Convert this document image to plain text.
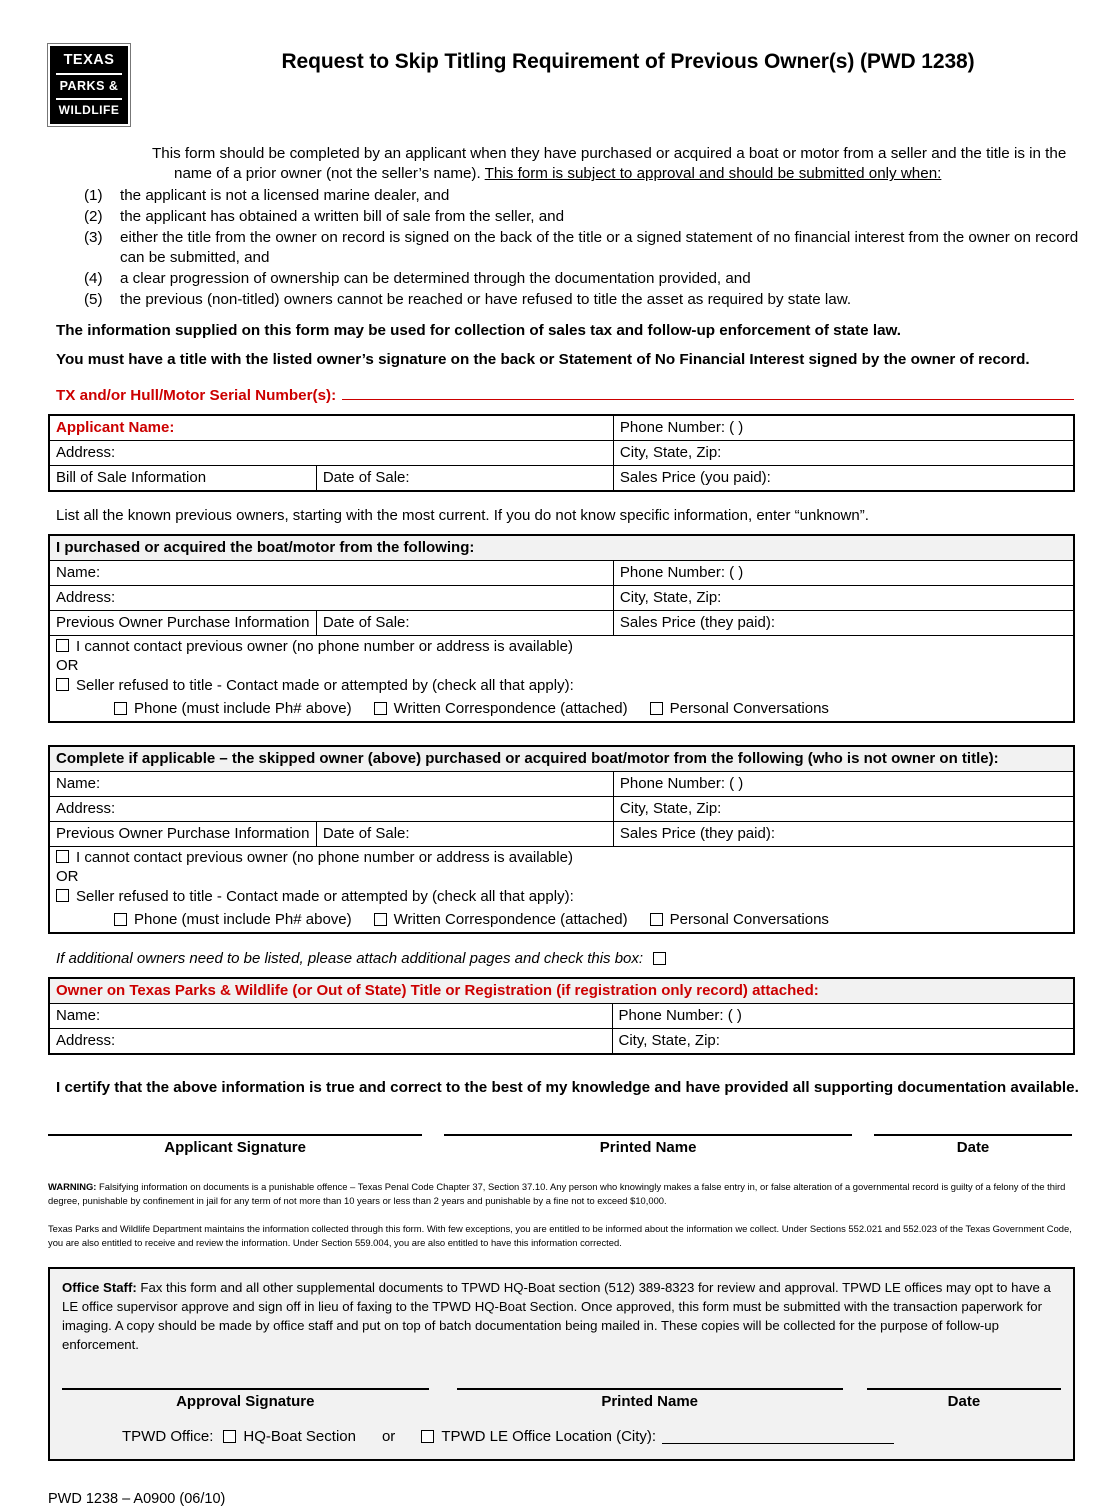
TEXAS
PARKS &
WILDLIFE
Request to Skip Titling Requirement of Previous Owner(s) (PWD 1238)
This form should be completed by an applicant when they have purchased or acquired a boat or motor from a seller and the title is in the
name of a prior owner (not the seller’s name). This form is subject to approval and should be submitted only when:
(1)	the applicant is not a licensed marine dealer, and
(2)	the applicant has obtained a written bill of sale from the seller, and
(3)	either the title from the owner on record is signed on the back of the title or a signed statement of no financial interest from the owner on record can be submitted, and
(4)	a clear progression of ownership can be determined through the documentation provided, and
(5)	the previous (non-titled) owners cannot be reached or have refused to title the asset as required by state law.
The information supplied on this form may be used for collection of sales tax and follow-up enforcement of state law.
You must have a title with the listed owner’s signature on the back or Statement of No Financial Interest signed by the owner of record.
TX and/or Hull/Motor Serial Number(s):
Applicant Name:		Phone Number: ( )
Address:		City, State, Zip:
Bill of Sale Information	Date of Sale:	Sales Price (you paid):
List all the known previous owners, starting with the most current. If you do not know specific information, enter “unknown”.
I purchased or acquired the boat/motor from the following:		
Name:		Phone Number: ( )
Address:		City, State, Zip:
Previous Owner Purchase Information	Date of Sale:	Sales Price (they paid):

I cannot contact previous owner (no phone number or address is available)
OR
Seller refused to title - Contact made or attempted by (check all that apply):
Phone (must include Ph# above)	Written Correspondence (attached)	Personal Conversations
Complete if applicable – the skipped owner (above) purchased or acquired boat/motor from the following (who is not owner on title):		
Name:		Phone Number: ( )
Address:		City, State, Zip:
Previous Owner Purchase Information	Date of Sale:	Sales Price (they paid):

I cannot contact previous owner (no phone number or address is available)
OR
Seller refused to title - Contact made or attempted by (check all that apply):
Phone (must include Ph# above)	Written Correspondence (attached)	Personal Conversations
If additional owners need to be listed, please attach additional pages and check this box:
Owner on Texas Parks & Wildlife (or Out of State) Title or Registration (if registration only record) attached:	
Name:	Phone Number: ( )
Address:	City, State, Zip:
I certify that the above information is true and correct to the best of my knowledge and have provided all supporting documentation available.
Applicant Signature	Printed Name	Date
WARNING: Falsifying information on documents is a punishable offence – Texas Penal Code Chapter 37, Section 37.10. Any person who knowingly makes a false entry in, or false alteration of a governmental record is guilty of a felony of the third degree, punishable by confinement in jail for any term of not more than 10 years or less than 2 years and punishable by a fine not to exceed $10,000.
Texas Parks and Wildlife Department maintains the information collected through this form. With few exceptions, you are entitled to be informed about the information we collect. Under Sections 552.021 and 552.023 of the Texas Government Code, you are also entitled to receive and review the information. Under Section 559.004, you are also entitled to have this information corrected.
Office Staff: Fax this form and all other supplemental documents to TPWD HQ-Boat section (512) 389-8323 for review and approval. TPWD LE offices may opt to have a LE office supervisor approve and sign off in lieu of faxing to the TPWD HQ-Boat Section. Once approved, this form must be submitted with the transaction paperwork for imaging. A copy should be made by office staff and put on top of batch documentation being mailed in. These copies will be collected for the purpose of follow-up enforcement.
Approval Signature	Printed Name	Date
TPWD Office: HQ-Boat Section or	TPWD LE Office Location (City):
PWD 1238 – A0900 (06/10)
